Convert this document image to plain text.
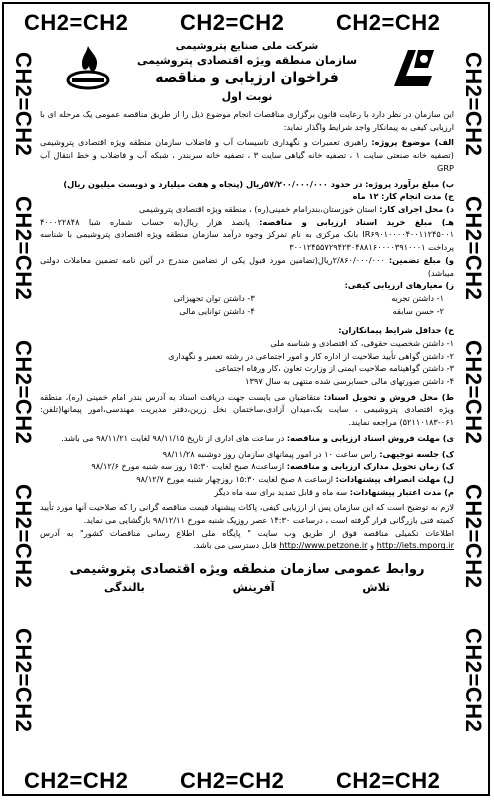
CH2=CH2 CH2=CH2 CH2=CH2
CH2=CH2 CH2=CH2 CH2=CH2
CH2=CH2
CH2=CH2
CH2=CH2
CH2=CH2
CH2=CH2
CH2=CH2
CH2=CH2
CH2=CH2
CH2=CH2
CH2=CH2
شرکت ملی صنایع پتروشیمی
سازمان منطقه ویژه اقتصادی پتروشیمی
فراخوان ارزیابی و مناقصه
نوبت اول

این سازمان در نظر دارد با رعایت قانون برگزاری مناقصات انجام موضوع ذیل را از طریق مناقصه عمومی یک مرحله ای با ارزیابی کیفی به پیمانکار واجد شرایط واگذار نماید:

الف) موضوع پروژه: راهبری تعمیرات و نگهداری تاسیسات آب و فاضلاب سازمان منطقه ویژه اقتصادی پتروشیمی (تصفیه خانه صنعتی سایت ۱ ، تصفیه خانه گیاهی سایت ۳ ، تصفیه خانه سربندر ، شبکه آب و فاضلاب و خط انتقال آب GRP

ب) مبلغ برآورد پروژه: در حدود ۵۷/۲۰۰/۰۰۰/۰۰۰ریال (پنجاه و هفت میلیارد و دویست میلیون ریال)

ج) مدت انجام کار: ۱۲ ماه

د) محل اجرای کار: استان خوزستان،بندرامام خمینی(ره) ، منطقه ویژه اقتصادی پتروشیمی

هـ) مبلغ خرید اسناد ارزیابی و مناقصه: پانصد هزار ریال(به حساب شماره شبا ۴۰۰۰۲۲۸۴۸ IR۶۹۰۱۰۰۰۰۴۰۰۱۱۲۴۵۰۰۱ بانک مرکزی به نام تمرکز وجوه درآمد سازمان منطقه ویژه اقتصادی پتروشیمی با شناسه پرداخت ۳۰۰۱۲۴۵۵۷۲۹۴۲۳۰۴۸۸۱۶۰۰۰۰۳۹۱۰۰۰۱

و) مبلغ تضمین: ۲/۸۶۰/۰۰۰/۰۰۰ریال(تضامین مورد قبول یکی از تضامین مندرج در آئین نامه تضمین معاملات دولتی میباشد)

ز) معیارهای ارزیابی کیفی:

۱- داشتن تجربه
۳- داشتن توان تجهیزاتی
۲- حسن سابقه
۴- داشتن توانایی مالی

ح) حداقل شرایط پیمانکاران:

۱- داشتن شخصیت حقوقی، کد اقتصادی و شناسه ملی

۲- داشتن گواهی تأیید صلاحیت از اداره کار و امور اجتماعی در رشته تعمیر و نگهداری

۳- داشتن گواهینامه صلاحیت ایمنی از وزارت تعاون ،کار ورفاه اجتماعی

۴- داشتن صورتهای مالی حسابرسی شده منتهی به سال ۱۳۹۷

ط) محل فروش و تحویل اسناد: متقاضیان می بایست جهت دریافت اسناد به آدرس بندر امام خمینی (ره)، منطقه ویژه اقتصادی پتروشیمی ، سایت یک،میدان آزادی،ساختمان نخل زرین،دفتر مدیریت مهندسی،امور پیمانها(تلفن: ۰۶۱-۵۲۱۱۰۱۸۳) مراجعه نمایند.

ی) مهلت فروش اسناد ارزیابی و مناقصه: در ساعت های اداری از تاریخ ۹۸/۱۱/۱۵ لغایت ۹۸/۱۱/۲۱ می باشد.

ک) جلسه توجیهی: راس ساعت ۱۰ در امور پیمانهای سازمان روز دوشنبه ۹۸/۱۱/۲۸

ک) زمان تحویل مدارک ارزیابی و مناقصه: ازساعت۸ صبح لغایت ۱۵:۳۰ روز سه شنبه مورخ ۹۸/۱۲/۶

ل) مهلت انصراف پیشنهادات: ازساعت ۸ صبح لغایت ۱۵:۳۰ روزچهار شنبه مورخ ۹۸/۱۲/۷

م) مدت اعتبار پیشنهادات: سه ماه و قابل تمدید برای سه ماه دیگر

لازم به توضیح است که این سازمان پس از ارزیابی کیفی، پاکات پیشنهاد قیمت مناقصه گرانی را که صلاحیت آنها مورد تأیید کمیته فنی بازرگانی قرار گرفته است ، درساعت ۱۴:۳۰ عصر روزیک شنبه مورخ ۹۸/۱۲/۱۱ بازگشایی می نماید.

اطلاعات تکمیلی مناقصه فوق از طریق وب سایت " پایگاه ملی اطلاع رسانی مناقصات کشور" به آدرس http://iets.mporg.ir و http://www.petzone.ir قابل دسترسی می باشد.

روابط عمومی سازمان منطقه ویژه اقتصادی پتروشیمی
تلاش
آفرینش
بالندگی
